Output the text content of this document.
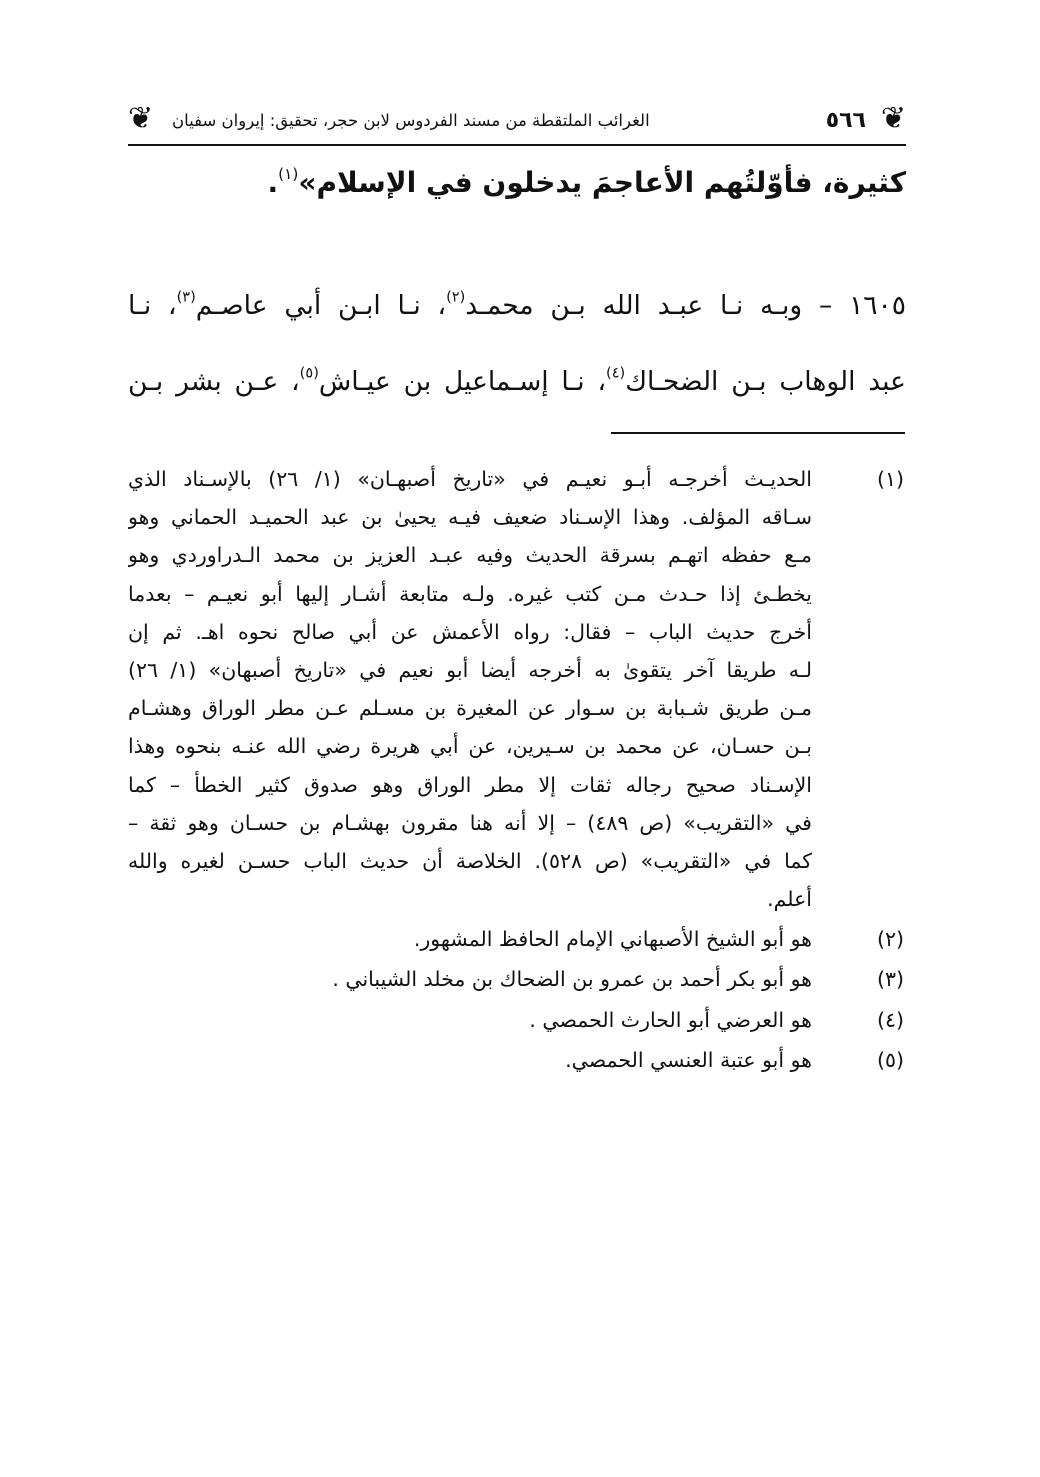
❦
٥٦٦
الغرائب الملتقطة من مسند الفردوس لابن حجر، تحقيق: إيروان سفيان
❦
كثيرة، فأوّلتُهم الأعاجمَ يدخلون في الإسلام»$^{(١)}$.
١٦٠٥ – وبـه نـا عبـد الله بـن محمـد$^{(٢)}$، نـا ابـن أبي عاصـم$^{(٣)}$، نـا
عبد الوهاب بـن الضحـاك$^{(٤)}$، نـا إسـماعيل بن عيـاش$^{(٥)}$، عـن بشر بـن
(١)
الحديـث أخرجـه أبـو نعيـم في «تاريخ أصبهـان» (١/ ٢٦) بالإسـناد الذي
سـاقه المؤلف. وهذا الإسـناد ضعيف فيـه يحيىٰ بن عبد الحميـد الحماني وهو
مـع حفظه اتهـم بسرقة الحديث وفيه عبـد العزيز بن محمد الـدراوردي وهو
يخطـئ إذا حـدث مـن كتب غيره. ولـه متابعة أشـار إليها أبو نعيـم – بعدما
أخرج حديث الباب – فقال: رواه الأعمش عن أبي صالح نحوه اهـ. ثم إن
لـه طريقا آخر يتقوىٰ به أخرجه أيضا أبو نعيم في «تاريخ أصبهان» (١/ ٢٦)
مـن طريق شـبابة بن سـوار عن المغيرة بن مسـلم عـن مطر الوراق وهشـام
بـن حسـان، عن محمد بن سـيرين، عن أبي هريرة رضي الله عنـه بنحوه وهذا
الإسـناد صحيح رجاله ثقات إلا مطر الوراق وهو صدوق كثير الخطأ – كما
في «التقريب» (ص ٤٨٩) – إلا أنه هنا مقرون بهشـام بن حسـان وهو ثقة –
كما في «التقريب» (ص ٥٢٨). الخلاصة أن حديث الباب حسـن لغيره والله
أعلم.
(٢)
هو أبو الشيخ الأصبهاني الإمام الحافظ المشهور.
(٣)
هو أبو بكر أحمد بن عمرو بن الضحاك بن مخلد الشيباني .
(٤)
هو العرضي أبو الحارث الحمصي .
(٥)
هو أبو عتبة العنسي الحمصي.
